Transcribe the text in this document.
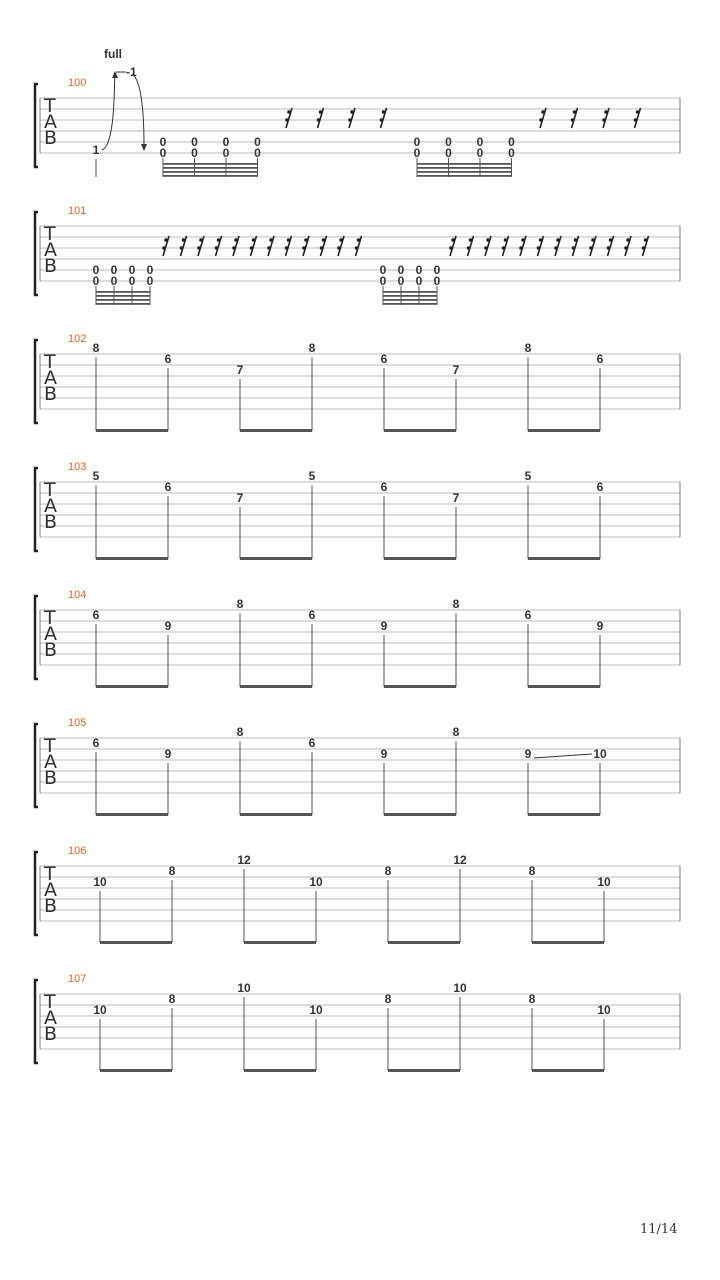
T
A
B
100
1
full
-1
0
0
0
0
0
0
0
0
0
0
0
0
0
0
0
0
T
A
B
101
0
0
0
0
0
0
0
0
0
0
0
0
0
0
0
0
T
A
B
102
8
6
7
8
6
7
8
6
T
A
B
103
5
6
7
5
6
7
5
6
T
A
B
104
6
9
8
6
9
8
6
9
T
A
B
105
6
9
8
6
9
8
9	10
T
A
B
106
10
8
12
10
8
12
8
10
T
A
B
107
10
8
10
10
8
10
8
10
11/14
